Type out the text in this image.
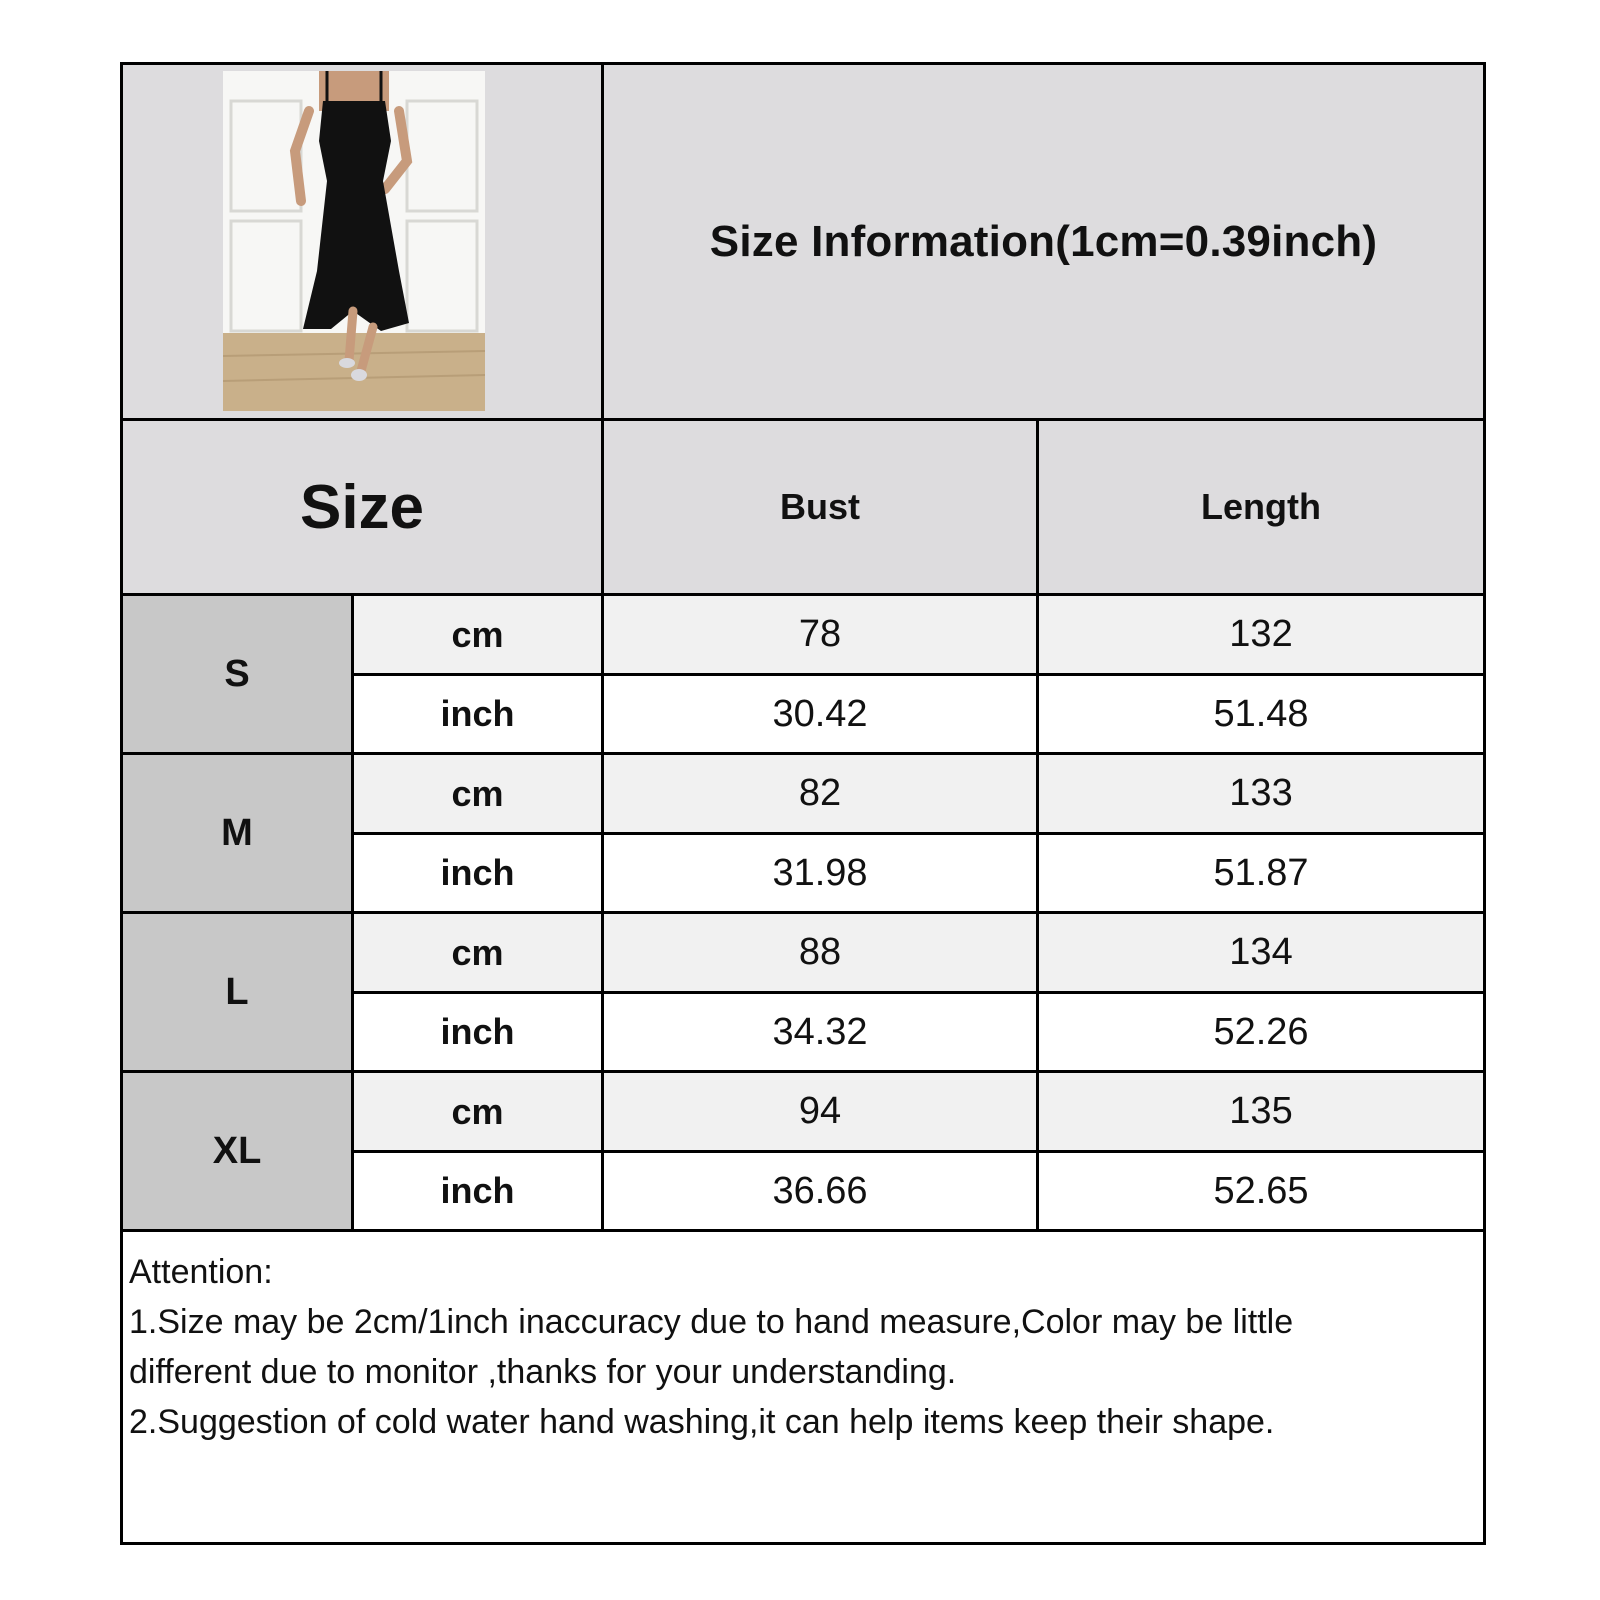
Size Information(1cm=0.39inch)
Size	Bust	Length
S
cm	78	132
inch	30.42	51.48
M
cm	82	133
inch	31.98	51.87
L
cm	88	134
inch	34.32	52.26
XL
cm	94	135
inch	36.66	52.65
Attention:
1.Size may be 2cm/1inch inaccuracy due to hand measure,Color may be little
different due to monitor ,thanks for your understanding.
2.Suggestion of cold water hand washing,it can help items keep their shape.
